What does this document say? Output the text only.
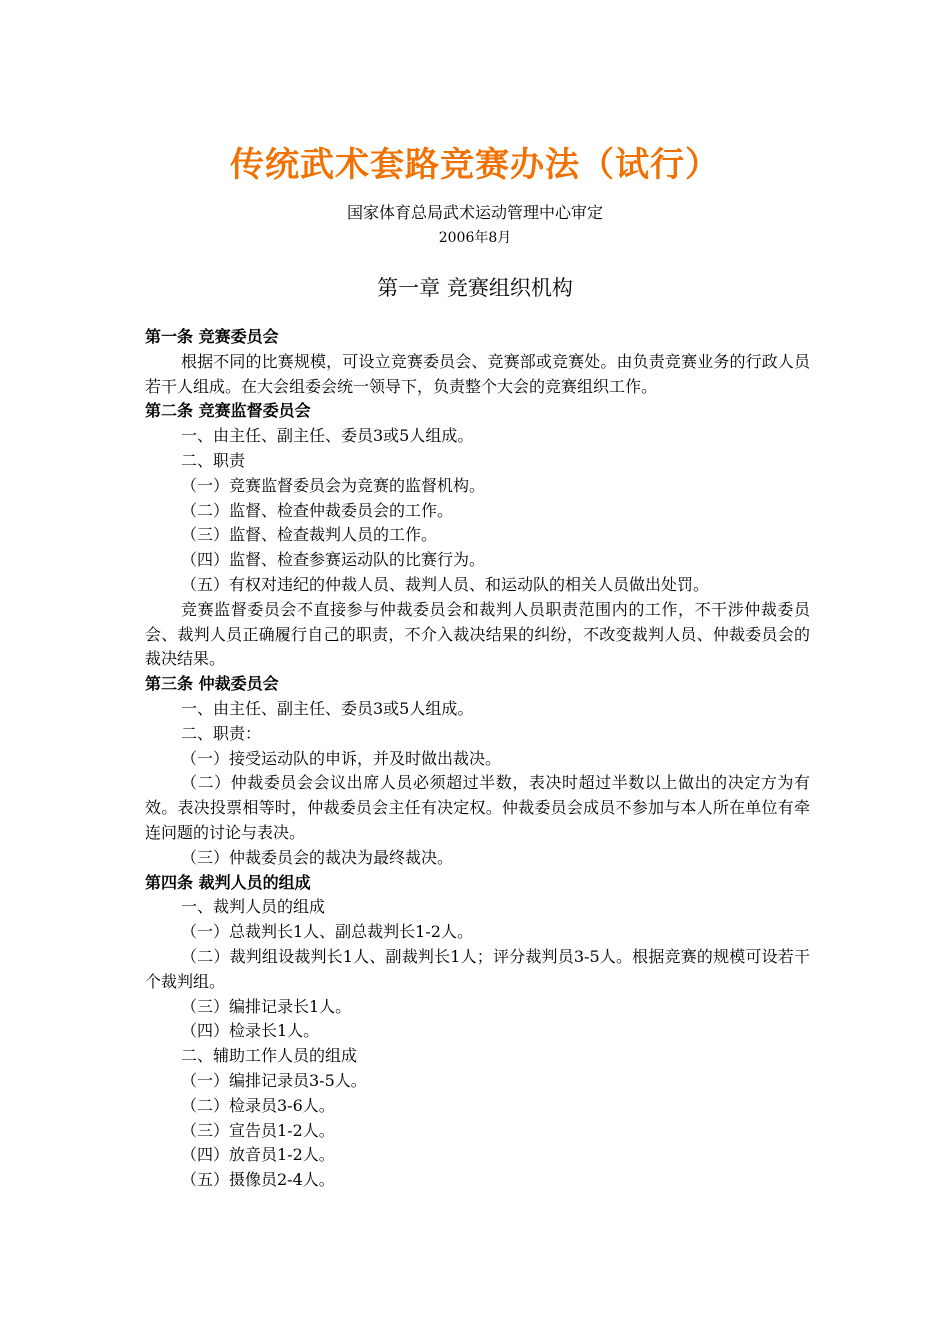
传统武术套路竞赛办法（试行）
国家体育总局武术运动管理中心审定
2006年8月
第一章 竞赛组织机构

第一条 竞赛委员会

根据不同的比赛规模，可设立竞赛委员会、竞赛部或竞赛处。由负责竞赛业务的行政人员若干人组成。在大会组委会统一领导下，负责整个大会的竞赛组织工作。

第二条 竞赛监督委员会

一、由主任、副主任、委员3或5人组成。

二、职责

（一）竞赛监督委员会为竞赛的监督机构。

（二）监督、检查仲裁委员会的工作。

（三）监督、检查裁判人员的工作。

（四）监督、检查参赛运动队的比赛行为。

（五）有权对违纪的仲裁人员、裁判人员、和运动队的相关人员做出处罚。

竞赛监督委员会不直接参与仲裁委员会和裁判人员职责范围内的工作，不干涉仲裁委员会、裁判人员正确履行自己的职责，不介入裁决结果的纠纷，不改变裁判人员、仲裁委员会的裁决结果。

第三条 仲裁委员会

一、由主任、副主任、委员3或5人组成。

二、职责：

（一）接受运动队的申诉，并及时做出裁决。

（二）仲裁委员会会议出席人员必须超过半数，表决时超过半数以上做出的决定方为有效。表决投票相等时，仲裁委员会主任有决定权。仲裁委员会成员不参加与本人所在单位有牵连问题的讨论与表决。

（三）仲裁委员会的裁决为最终裁决。

第四条 裁判人员的组成

一、裁判人员的组成

（一）总裁判长1人、副总裁判长1-2人。

（二）裁判组设裁判长1人、副裁判长1人；评分裁判员3-5人。根据竞赛的规模可设若干个裁判组。

（三）编排记录长1人。

（四）检录长1人。

二、辅助工作人员的组成

（一）编排记录员3-5人。

（二）检录员3-6人。

（三）宣告员1-2人。

（四）放音员1-2人。

（五）摄像员2-4人。
